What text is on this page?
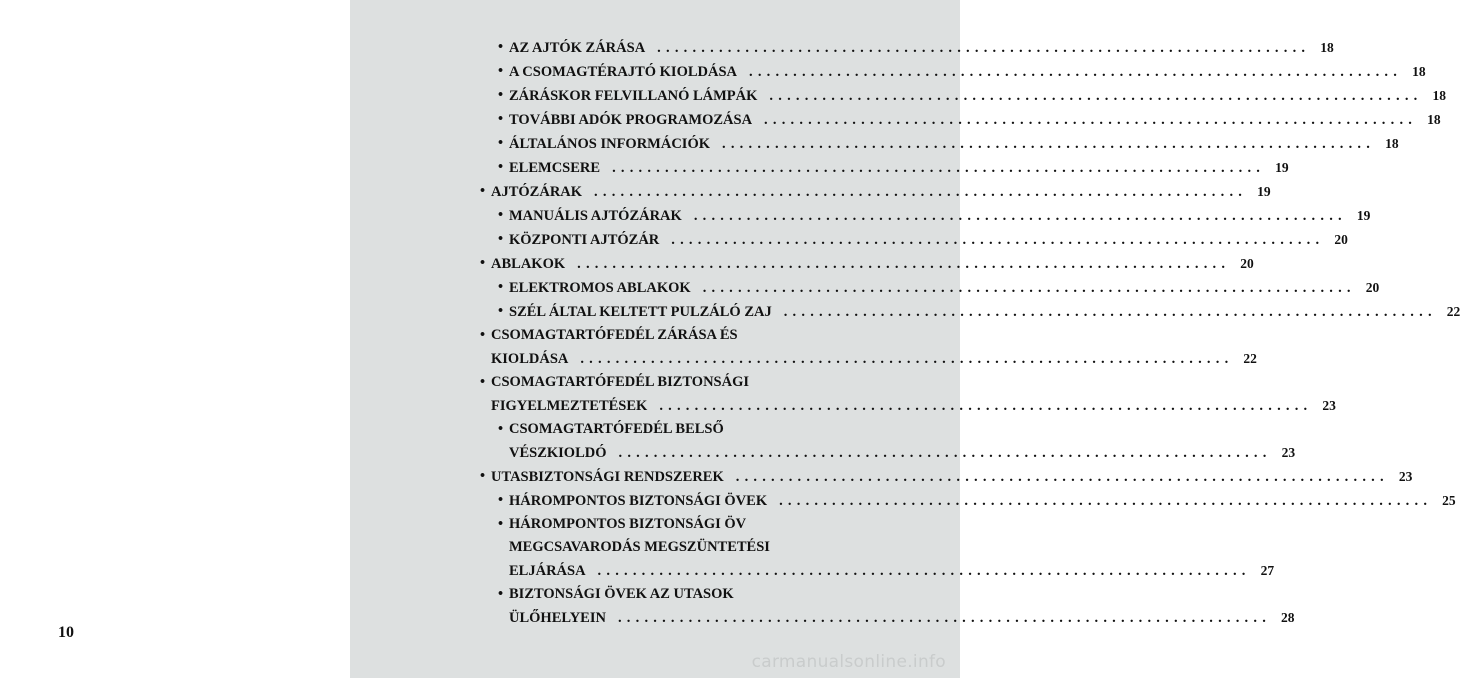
10
• AZ AJTÓK ZÁRÁSA .......................................................................... 18
• A CSOMAGTÉRAJTÓ KIOLDÁSA .......................................................................... 18
• ZÁRÁSKOR FELVILLANÓ LÁMPÁK .......................................................................... 18
• TOVÁBBI ADÓK PROGRAMOZÁSA .......................................................................... 18
• ÁLTALÁNOS INFORMÁCIÓK .......................................................................... 18
• ELEMCSERE .......................................................................... 19
• AJTÓZÁRAK .......................................................................... 19
• MANUÁLIS AJTÓZÁRAK .......................................................................... 19
• KÖZPONTI AJTÓZÁR .......................................................................... 20
• ABLAKOK .......................................................................... 20
• ELEKTROMOS ABLAKOK .......................................................................... 20
• SZÉL ÁLTAL KELTETT PULZÁLÓ ZAJ .......................................................................... 22
• CSOMAGTARTÓFEDÉL ZÁRÁSA ÉS
KIOLDÁSA .......................................................................... 22
• CSOMAGTARTÓFEDÉL BIZTONSÁGI
FIGYELMEZTETÉSEK .......................................................................... 23
• CSOMAGTARTÓFEDÉL BELSŐ
VÉSZKIOLDÓ .......................................................................... 23
• UTASBIZTONSÁGI RENDSZEREK .......................................................................... 23
• HÁROMPONTOS BIZTONSÁGI ÖVEK .......................................................................... 25
• HÁROMPONTOS BIZTONSÁGI ÖV
MEGCSAVARODÁS MEGSZÜNTETÉSI
ELJÁRÁSA .......................................................................... 27
• BIZTONSÁGI ÖVEK AZ UTASOK
ÜLŐHELYEIN .......................................................................... 28
carmanualsonline.info
